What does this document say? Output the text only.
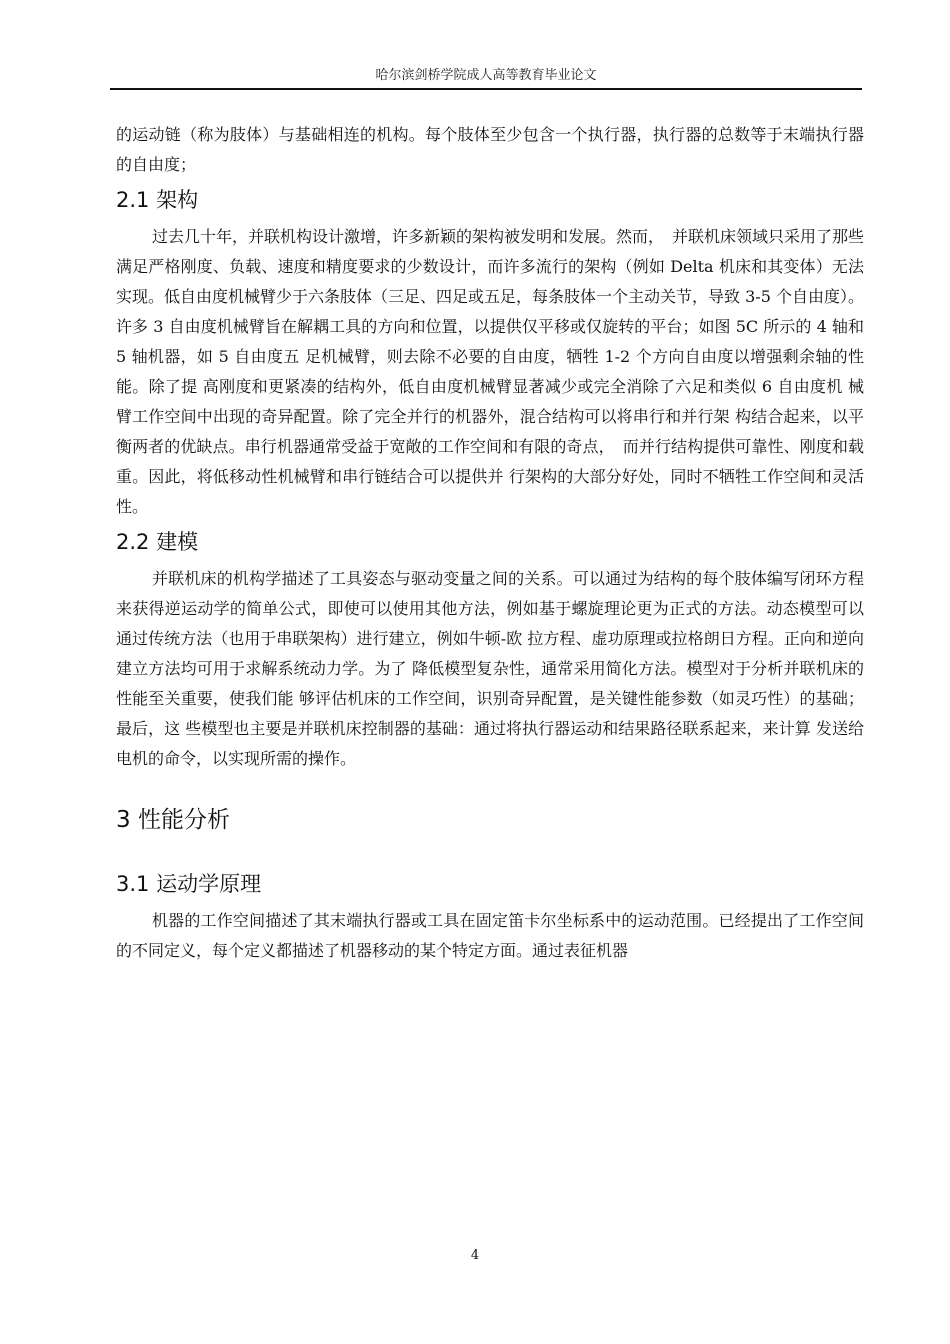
哈尔滨剑桥学院成人高等教育毕业论文

的运动链（称为肢体）与基础相连的机构。每个肢体至少包含一个执行器，执行器的总数等于末端执行器的自由度；

2.1 架构

过去几十年，并联机构设计激增，许多新颖的架构被发明和发展。然而，　并联机床领域只采用了那些满足严格刚度、负载、速度和精度要求的少数设计，而许多流行的架构（例如 Delta 机床和其变体）无法实现。低自由度机械臂少于六条肢体（三足、四足或五足，每条肢体一个主动关节，导致 3-5 个自由度）。许多 3 自由度机械臂旨在解耦工具的方向和位置，以提供仅平移或仅旋转的平台；如图 5C 所示的 4 轴和 5 轴机器，如 5 自由度五 足机械臂，则去除不必要的自由度，牺牲 1-2 个方向自由度以增强剩余轴的性能。除了提 高刚度和更紧凑的结构外，低自由度机械臂显著减少或完全消除了六足和类似 6 自由度机 械臂工作空间中出现的奇异配置。除了完全并行的机器外，混合结构可以将串行和并行架 构结合起来，以平衡两者的优缺点。串行机器通常受益于宽敞的工作空间和有限的奇点，　而并行结构提供可靠性、刚度和载重。因此，将低移动性机械臂和串行链结合可以提供并 行架构的大部分好处，同时不牺牲工作空间和灵活性。

2.2 建模

并联机床的机构学描述了工具姿态与驱动变量之间的关系。可以通过为结构的每个肢体编写闭环方程来获得逆运动学的简单公式，即使可以使用其他方法，例如基于螺旋理论更为正式的方法。动态模型可以通过传统方法（也用于串联架构）进行建立，例如牛顿-欧 拉方程、虚功原理或拉格朗日方程。正向和逆向建立方法均可用于求解系统动力学。为了 降低模型复杂性，通常采用简化方法。模型对于分析并联机床的性能至关重要，使我们能 够评估机床的工作空间，识别奇异配置，是关键性能参数（如灵巧性）的基础；最后，这 些模型也主要是并联机床控制器的基础：通过将执行器运动和结果路径联系起来，来计算 发送给电机的命令，以实现所需的操作。

3 性能分析
3.1 运动学原理

机器的工作空间描述了其末端执行器或工具在固定笛卡尔坐标系中的运动范围。已经提出了工作空间的不同定义，每个定义都描述了机器移动的某个特定方面。通过表征机器

4
